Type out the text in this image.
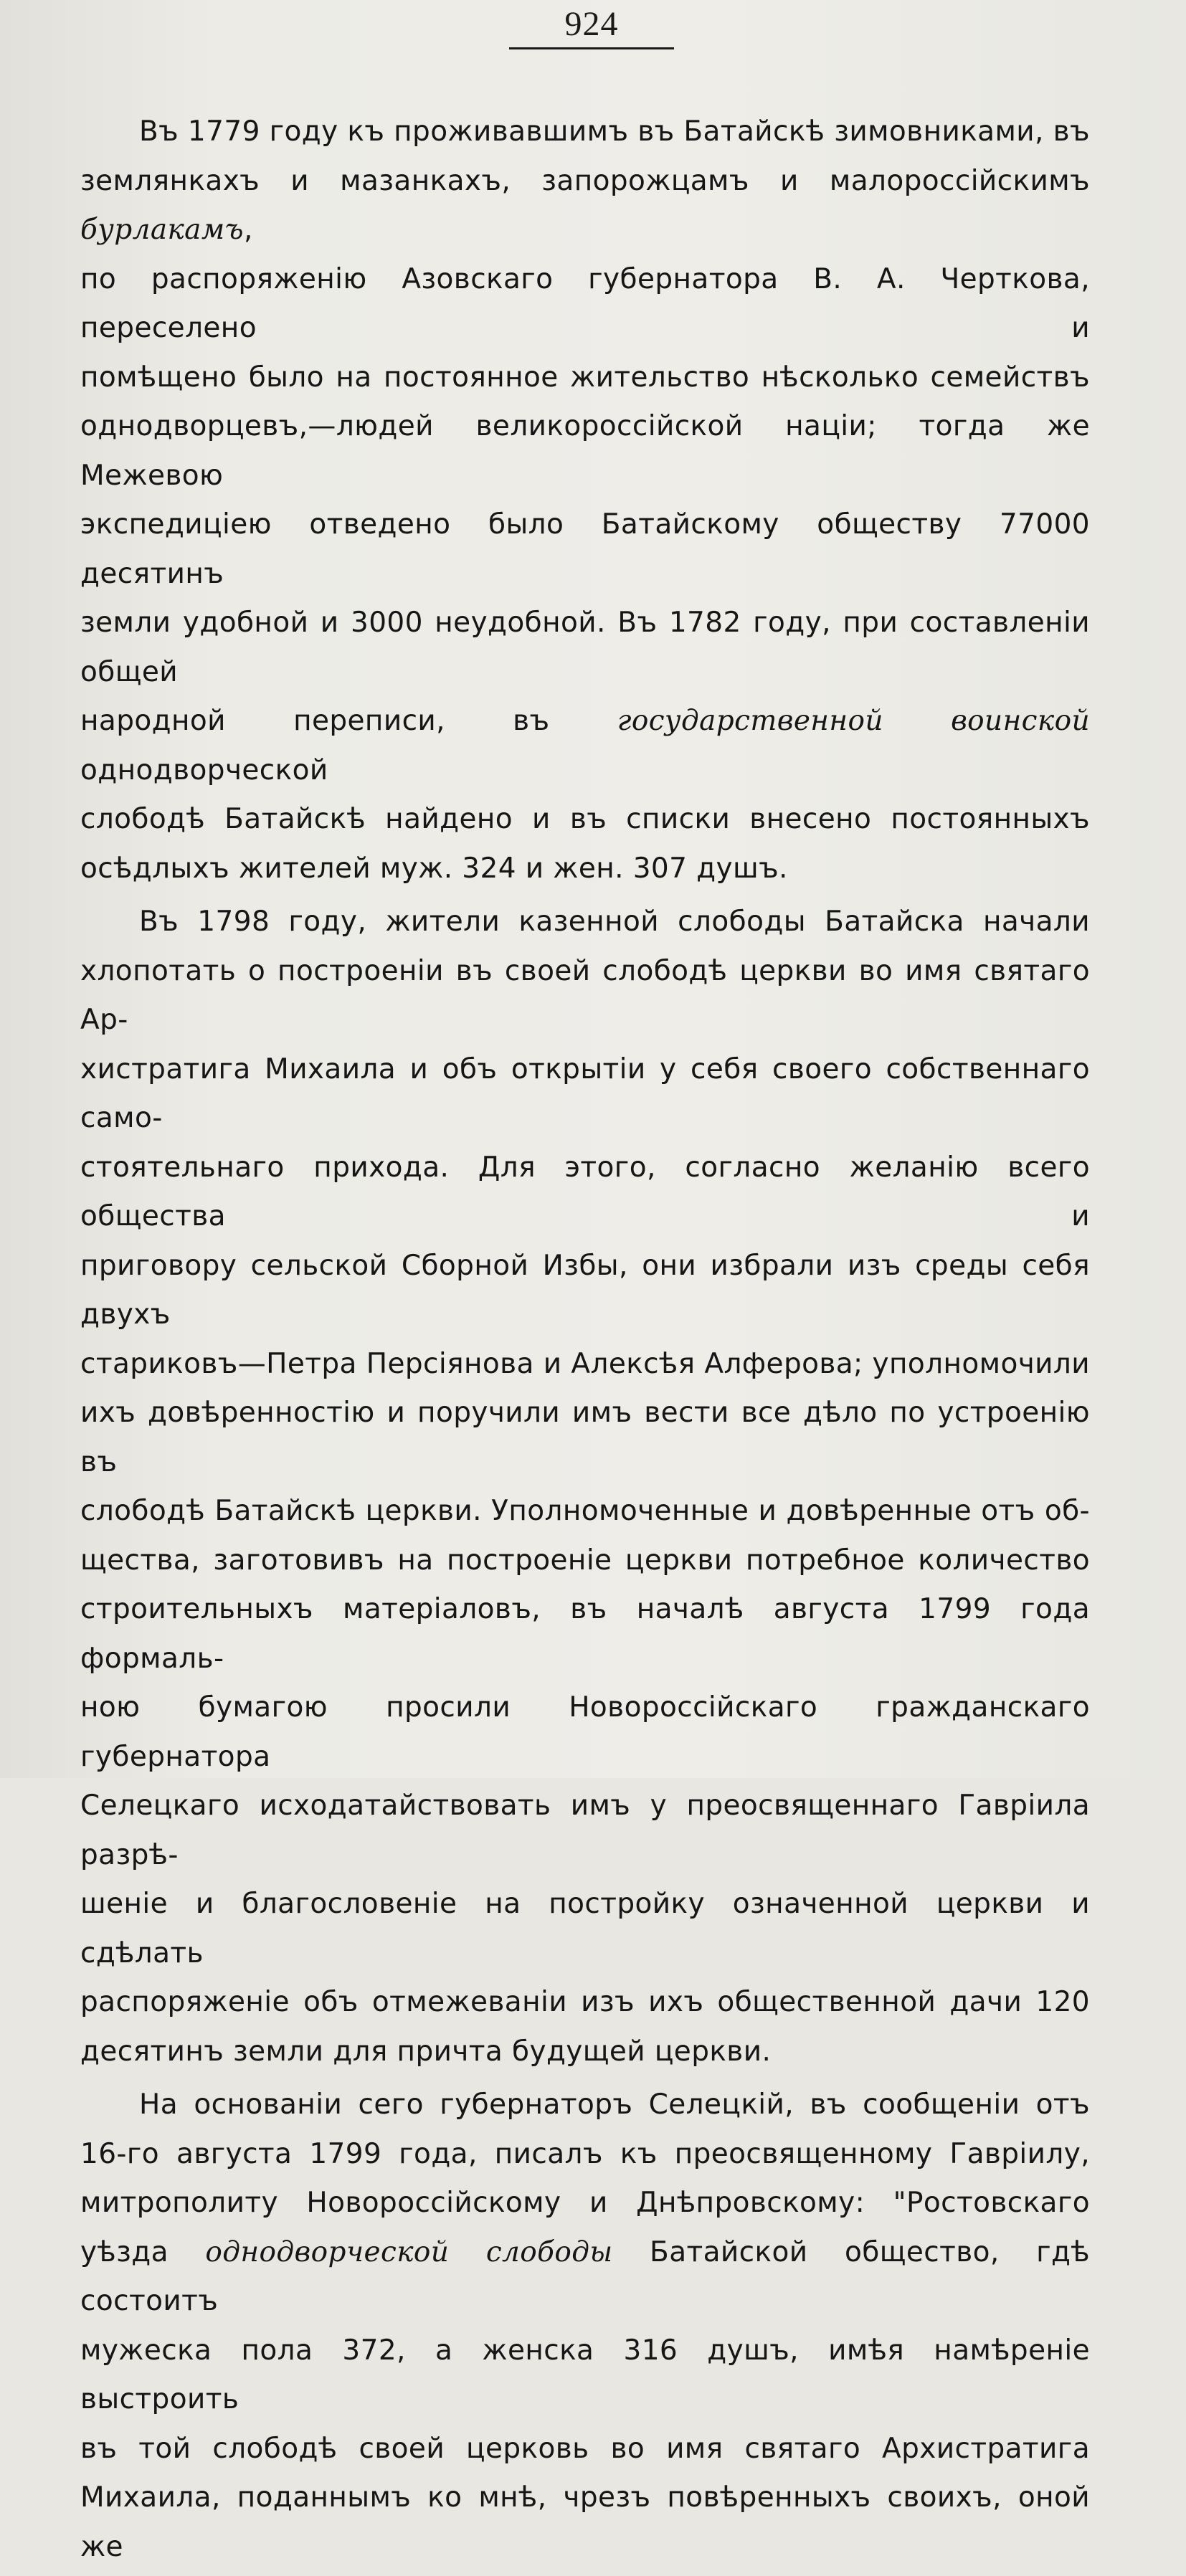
924
Въ 1779 году къ проживавшимъ въ Батайскѣ зимовниками, въ
землянкахъ и мазанкахъ, запорожцамъ и малороссійскимъ бурлакамъ,
по распоряженію Азовскаго губернатора В. А. Черткова, переселено и
помѣщено было на постоянное жительство нѣсколько семействъ
однодворцевъ,—людей великороссійской націи; тогда же Межевою
экспедиціею отведено было Батайскому обществу 77000 десятинъ
земли удобной и 3000 неудобной. Въ 1782 году, при составленіи общей
народной переписи, въ государственной воинской однодворческой
слободѣ Батайскѣ найдено и въ списки внесено постоянныхъ
осѣдлыхъ жителей муж. 324 и жен. 307 душъ.
Въ 1798 году, жители казенной слободы Батайска начали
хлопотать о построеніи въ своей слободѣ церкви во имя святаго Ар-
хистратига Михаила и объ открытіи у себя своего собственнаго само-
стоятельнаго прихода. Для этого, согласно желанію всего общества и
приговору сельской Сборной Избы, они избрали изъ среды себя двухъ
стариковъ—Петра Персіянова и Алексѣя Алферова; уполномочили
ихъ довѣренностію и поручили имъ вести все дѣло по устроенію въ
слободѣ Батайскѣ церкви. Уполномоченные и довѣренные отъ об-
щества, заготовивъ на построеніе церкви потребное количество
строительныхъ матеріаловъ, въ началѣ августа 1799 года формаль-
ною бумагою просили Новороссійскаго гражданскаго губернатора
Селецкаго исходатайствовать имъ у преосвященнаго Гавріила разрѣ-
шеніе и благословеніе на постройку означенной церкви и сдѣлать
распоряженіе объ отмежеваніи изъ ихъ общественной дачи 120
десятинъ земли для причта будущей церкви.
На основаніи сего губернаторъ Селецкій, въ сообщеніи отъ
16-го августа 1799 года, писалъ къ преосвященному Гавріилу,
митрополиту Новороссійскому и Днѣпровскому: "Ростовскаго
уѣзда однодворческой слободы Батайской общество, гдѣ состоитъ
мужеска пола 372, а женска 316 душъ, имѣя намѣреніе выстроить
въ той слободѣ своей церковь во имя святаго Архистратига
Михаила, поданнымъ ко мнѣ, чрезъ повѣренныхъ своихъ, оной же
